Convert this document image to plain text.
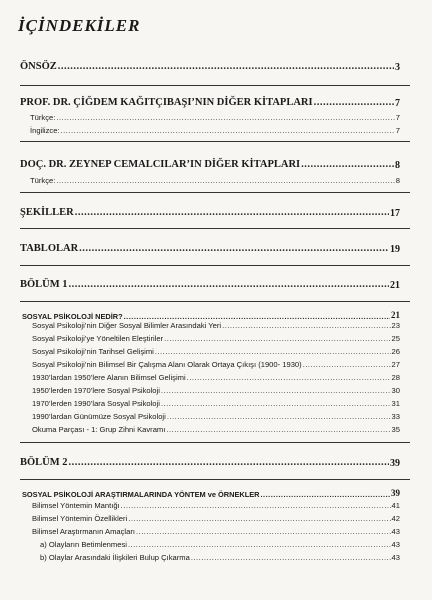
İÇİNDEKİLER
ÖNSÖZ .....	3
PROF. DR. ÇİĞDEM KAĞITÇIBAŞI’NIN DİĞER KİTAPLARI .....	7
Türkçe: .....	7
İngilizce: .....	7
DOÇ. DR. ZEYNEP CEMALCILAR’IN DİĞER KİTAPLARI .....	8
Türkçe: .....	8
ŞEKİLLER .....	17
TABLOLAR .....	19
BÖLÜM 1 .....	21
SOSYAL PSİKOLOJİ NEDİR? .....	21
Sosyal Psikoloji’nin Diğer Sosyal Bilimler Arasındaki Yeri .....	23
Sosyal Psikoloji’ye Yöneltilen Eleştiriler .....	25
Sosyal Psikoloji’nin Tarihsel Gelişimi .....	26
Sosyal Psikoloji’nin Bilimsel Bir Çalışma Alanı Olarak Ortaya Çıkışı (1900- 1930) .....	27
1930’lardan 1950’lere Alanın Bilimsel Gelişimi .....	28
1950’lerden 1970’lere Sosyal Psikoloji .....	30
1970’lerden 1990’lara Sosyal Psikoloji .....	31
1990’lardan Günümüze Sosyal Psikoloji .....	33
Okuma Parçası - 1: Grup Zihni Kavramı .....	35
BÖLÜM 2 .....	39
SOSYAL PSİKOLOJİ ARAŞTIRMALARINDA YÖNTEM ve ÖRNEKLER .....	39
Bilimsel Yöntemin Mantığı .....	41
Bilimsel Yöntemin Özellikleri .....	42
Bilimsel Araştırmanın Amaçları .....	43
a) Olayların Betimlenmesi .....	43
b) Olaylar Arasındaki İlişkileri Bulup Çıkarma .....	43
